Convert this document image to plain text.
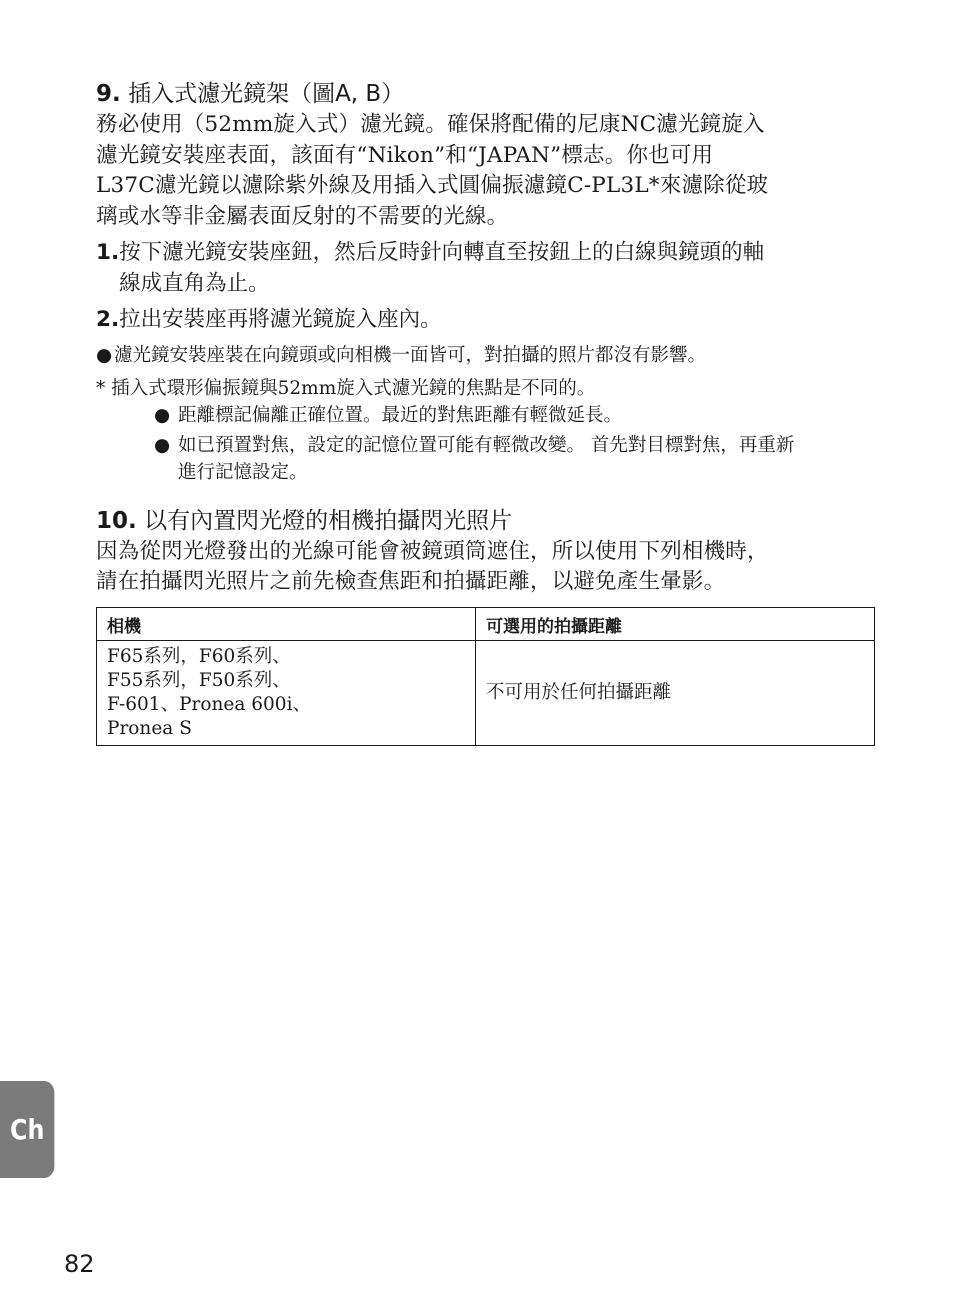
9. 插入式濾光鏡架（圖A, B）

務必使用（52mm旋入式）濾光鏡。確保將配備的尼康NC濾光鏡旋入
濾光鏡安裝座表面，該面有“Nikon”和“JAPAN”標志。你也可用
L37C濾光鏡以濾除紫外線及用插入式圓偏振濾鏡C-PL3L*來濾除從玻
璃或水等非金屬表面反射的不需要的光線。

1 . 按下濾光鏡安裝座鈕，然后反時針向轉直至按鈕上的白線與鏡頭的軸
線成直角為止。
2 . 拉出安裝座再將濾光鏡旋入座內。
● 濾光鏡安裝座裝在向鏡頭或向相機一面皆可，對拍攝的照片都沒有影響。

* 插入式環形偏振鏡與52mm旋入式濾光鏡的焦點是不同的。

● 距離標記偏離正確位置。最近的對焦距離有輕微延長。
● 如已預置對焦，設定的記憶位置可能有輕微改變。 首先對目標對焦，再重新
進行記憶設定。
10. 以有內置閃光燈的相機拍攝閃光照片

因為從閃光燈發出的光線可能會被鏡頭筒遮住，所以使用下列相機時，
請在拍攝閃光照片之前先檢查焦距和拍攝距離，以避免產生暈影。

相機	可選用的拍攝距離

F65系列，F60系列、
F55系列，F50系列、
F-601、Pronea 600i、
Pronea S	不可用於任何拍攝距離
Ch
82
